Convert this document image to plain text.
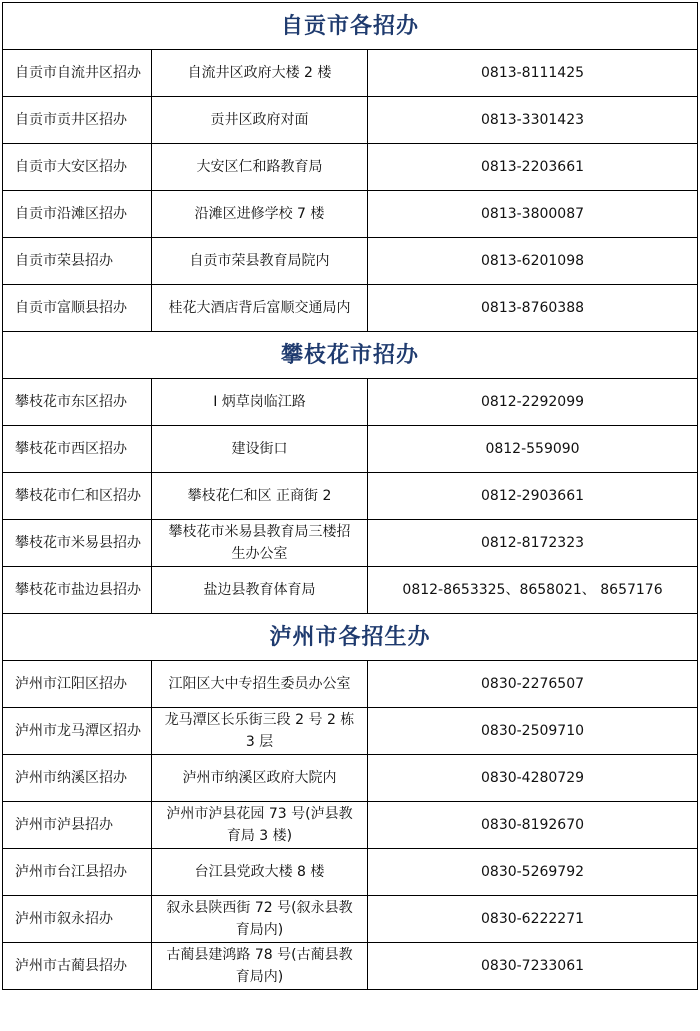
自贡市各招办		
自贡市自流井区招办	自流井区政府大楼 2 楼	0813-8111425
自贡市贡井区招办	贡井区政府对面	0813-3301423
自贡市大安区招办	大安区仁和路教育局	0813-2203661
自贡市沿滩区招办	沿滩区进修学校 7 楼	0813-3800087
自贡市荣县招办	自贡市荣县教育局院内	0813-6201098
自贡市富顺县招办	桂花大酒店背后富顺交通局内	0813-8760388
攀枝花市招办		
攀枝花市东区招办	I 炳草岗临江路	0812-2292099
攀枝花市西区招办	建设街口	0812-559090
攀枝花市仁和区招办	攀枝花仁和区 正商街 2	0812-2903661
攀枝花市米易县招办	攀枝花市米易县教育局三楼招生办公室	0812-8172323
攀枝花市盐边县招办	盐边县教育体育局	0812-8653325、8658021、 8657176
泸州市各招生办		
泸州市江阳区招办	江阳区大中专招生委员办公室	0830-2276507
泸州市龙马潭区招办	龙马潭区长乐街三段 2 号 2 栋 3 层	0830-2509710
泸州市纳溪区招办	泸州市纳溪区政府大院内	0830-4280729
泸州市泸县招办	泸州市泸县花园 73 号(泸县教育局 3 楼)	0830-8192670
泸州市台江县招办	台江县党政大楼 8 楼	0830-5269792
泸州市叙永招办	叙永县陕西街 72 号(叙永县教育局内)	0830-6222271
泸州市古蔺县招办	古蔺县建鸿路 78 号(古蔺县教育局内)	0830-7233061
